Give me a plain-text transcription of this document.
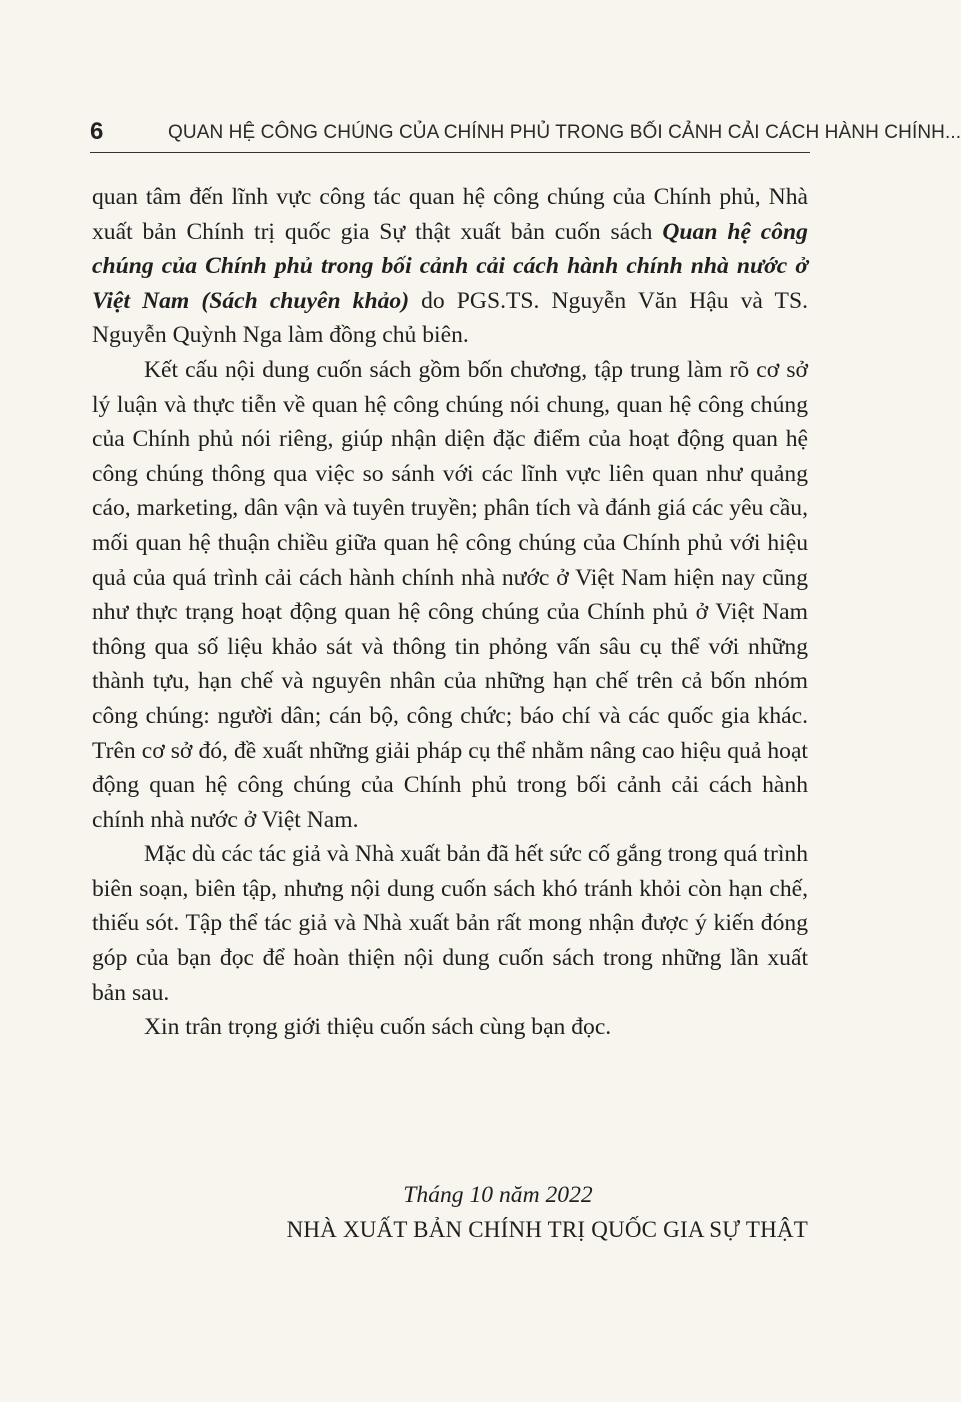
6	QUAN HỆ CÔNG CHÚNG CỦA CHÍNH PHỦ TRONG BỐI CẢNH CẢI CÁCH HÀNH CHÍNH...

quan tâm đến lĩnh vực công tác quan hệ công chúng của Chính phủ, Nhà xuất bản Chính trị quốc gia Sự thật xuất bản cuốn sách Quan hệ công chúng của Chính phủ trong bối cảnh cải cách hành chính nhà nước ở Việt Nam (Sách chuyên khảo) do PGS.TS. Nguyễn Văn Hậu và TS. Nguyễn Quỳnh Nga làm đồng chủ biên.

Kết cấu nội dung cuốn sách gồm bốn chương, tập trung làm rõ cơ sở lý luận và thực tiễn về quan hệ công chúng nói chung, quan hệ công chúng của Chính phủ nói riêng, giúp nhận diện đặc điểm của hoạt động quan hệ công chúng thông qua việc so sánh với các lĩnh vực liên quan như quảng cáo, marketing, dân vận và tuyên truyền; phân tích và đánh giá các yêu cầu, mối quan hệ thuận chiều giữa quan hệ công chúng của Chính phủ với hiệu quả của quá trình cải cách hành chính nhà nước ở Việt Nam hiện nay cũng như thực trạng hoạt động quan hệ công chúng của Chính phủ ở Việt Nam thông qua số liệu khảo sát và thông tin phỏng vấn sâu cụ thể với những thành tựu, hạn chế và nguyên nhân của những hạn chế trên cả bốn nhóm công chúng: người dân; cán bộ, công chức; báo chí và các quốc gia khác. Trên cơ sở đó, đề xuất những giải pháp cụ thể nhằm nâng cao hiệu quả hoạt động quan hệ công chúng của Chính phủ trong bối cảnh cải cách hành chính nhà nước ở Việt Nam.

Mặc dù các tác giả và Nhà xuất bản đã hết sức cố gắng trong quá trình biên soạn, biên tập, nhưng nội dung cuốn sách khó tránh khỏi còn hạn chế, thiếu sót. Tập thể tác giả và Nhà xuất bản rất mong nhận được ý kiến đóng góp của bạn đọc để hoàn thiện nội dung cuốn sách trong những lần xuất bản sau.

Xin trân trọng giới thiệu cuốn sách cùng bạn đọc.

Tháng 10 năm 2022
NHÀ XUẤT BẢN CHÍNH TRỊ QUỐC GIA SỰ THẬT
